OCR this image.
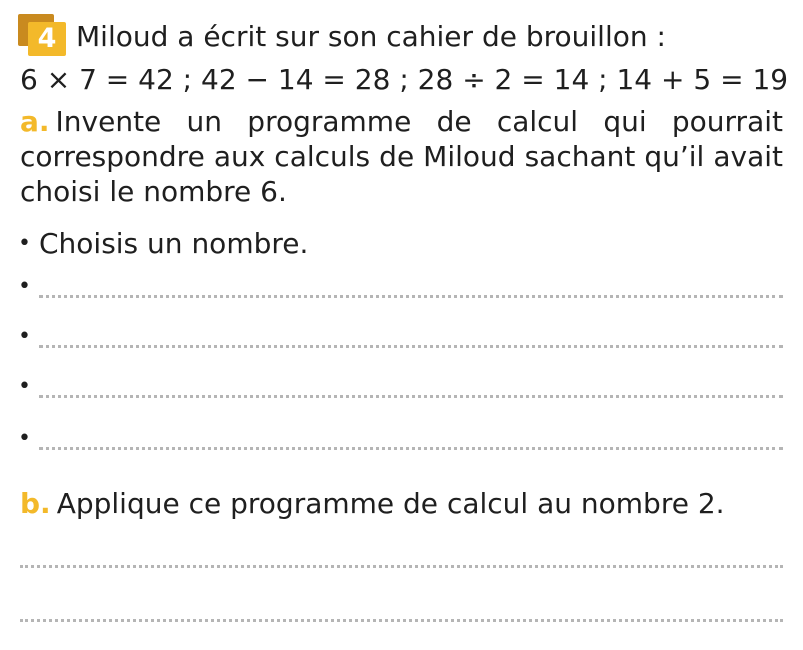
4 Miloud a écrit sur son cahier de brouillon :
6 × 7 = 42 ; 42 − 14 = 28 ; 28 ÷ 2 = 14 ; 14 + 5 = 19
a. Invente un programme de calcul qui pourrait correspondre aux calculs de Miloud sachant qu’il avait choisi le nombre 6.
• Choisis un nombre.
•
•
•
•
b. Applique ce programme de calcul au nombre 2.
